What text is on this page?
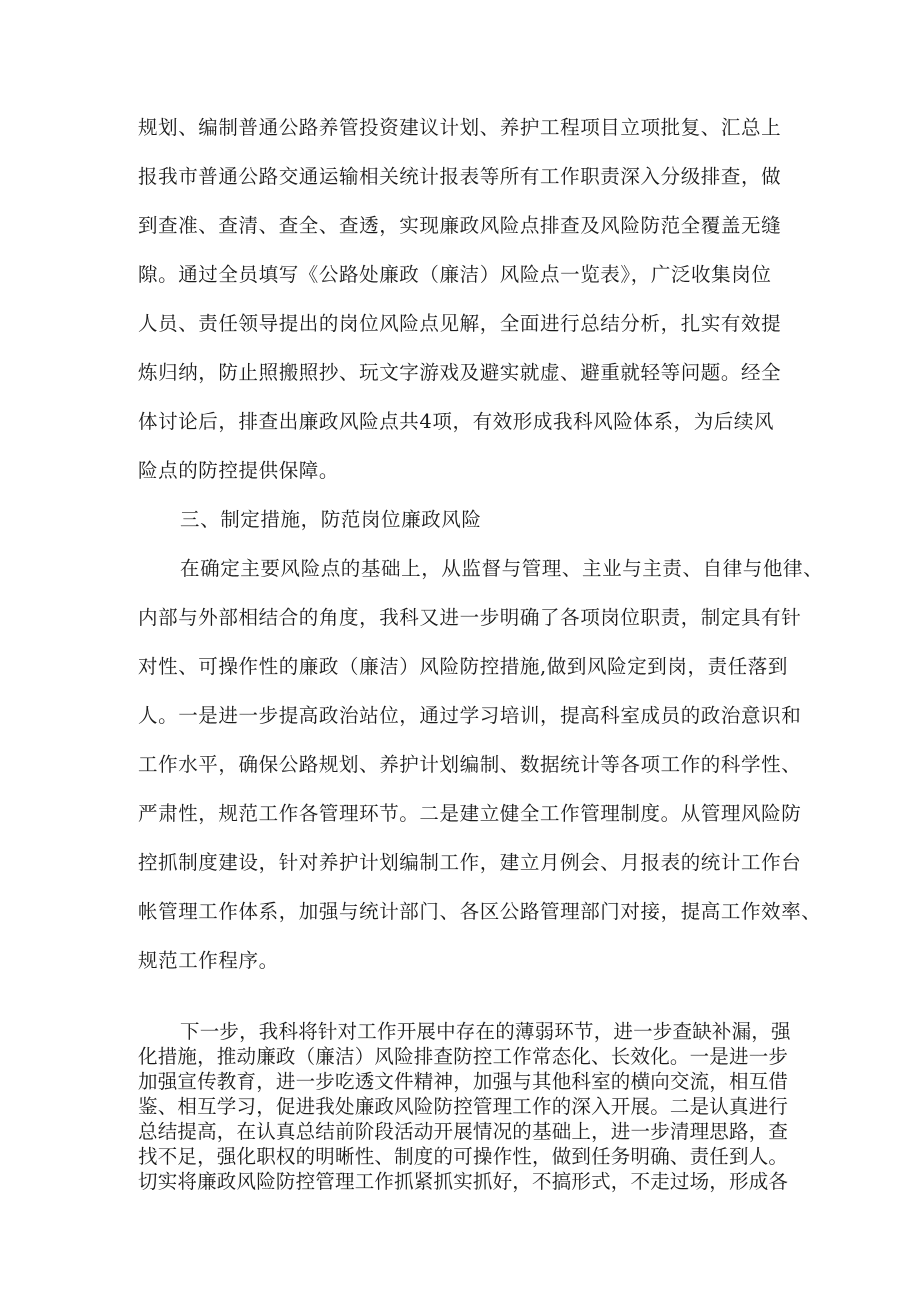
规划、编制普通公路养管投资建议计划、养护工程项目立项批复、汇总上
报我市普通公路交通运输相关统计报表等所有工作职责深入分级排查，做
到查准、查清、查全、查透，实现廉政风险点排查及风险防范全覆盖无缝
隙。通过全员填写《公路处廉政（廉洁）风险点一览表》，广泛收集岗位
人员、责任领导提出的岗位风险点见解，全面进行总结分析，扎实有效提
炼归纳，防止照搬照抄、玩文字游戏及避实就虚、避重就轻等问题。经全
体讨论后，排查出廉政风险点共4项，有效形成我科风险体系，为后续风
险点的防控提供保障。
三、制定措施，防范岗位廉政风险
在确定主要风险点的基础上，从监督与管理、主业与主责、自律与他律、
内部与外部相结合的角度，我科又进一步明确了各项岗位职责，制定具有针
对性、可操作性的廉政（廉洁）风险防控措施,做到风险定到岗，责任落到
人。一是进一步提高政治站位，通过学习培训，提高科室成员的政治意识和
工作水平，确保公路规划、养护计划编制、数据统计等各项工作的科学性、
严肃性，规范工作各管理环节。二是建立健全工作管理制度。从管理风险防
控抓制度建设，针对养护计划编制工作，建立月例会、月报表的统计工作台
帐管理工作体系，加强与统计部门、各区公路管理部门对接，提高工作效率、
规范工作程序。
下一步，我科将针对工作开展中存在的薄弱环节，进一步查缺补漏，强
化措施，推动廉政（廉洁）风险排查防控工作常态化、长效化。一是进一步
加强宣传教育，进一步吃透文件精神，加强与其他科室的横向交流，相互借
鉴、相互学习，促进我处廉政风险防控管理工作的深入开展。二是认真进行
总结提高，在认真总结前阶段活动开展情况的基础上，进一步清理思路，查
找不足，强化职权的明晰性、制度的可操作性，做到任务明确、责任到人。
切实将廉政风险防控管理工作抓紧抓实抓好，不搞形式，不走过场，形成各
